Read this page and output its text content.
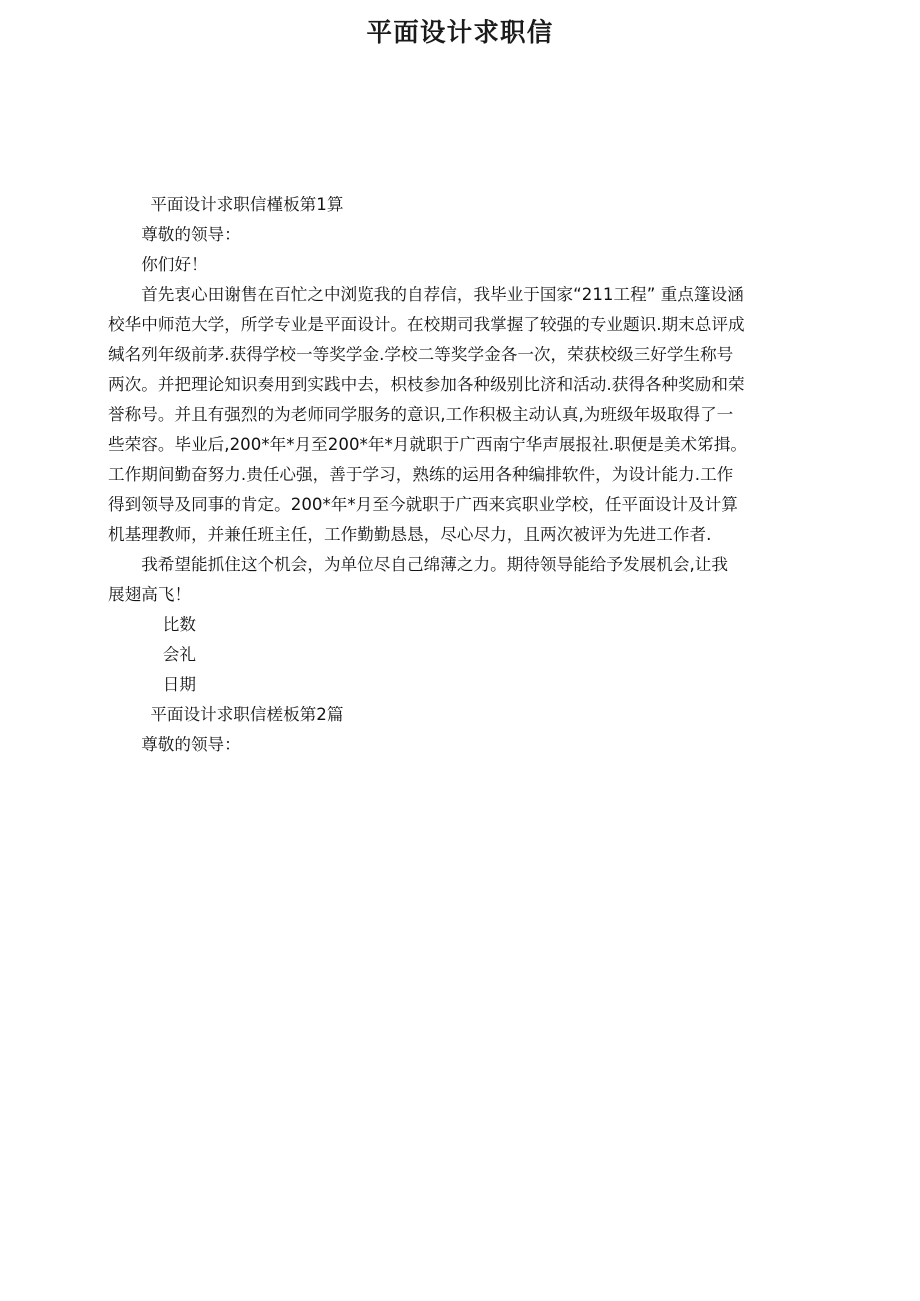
平面设计求职信

平面设计求职信槿板第1算

尊敬的领导：

你们好！

首先衷心田谢售在百忙之中浏览我的自荐信，我毕业于国家“211工程” 重点篷设涵
校华中师范大学，所学专业是平面设计。在校期司我掌握了较强的专业题识.期末总评成
缄名列年级前茅.获得学校一等奖学金.学校二等奖学金各一次，荣获校级三好学生称号
两次。并把理论知识奏用到实践中去，枳枝参加各种级别比济和活动.获得各种奖励和荣
誉称号。并且有强烈的为老师同学服务的意识,工作积极主动认真,为班级年圾取得了一
些荣容。毕业后,200*年*月至200*年*月就职于广西南宁华声展报社.职便是美术笫揖。
工作期间勤奋努力.贵任心强，善于学习，熟练的运用各种编排软件，为设计能力.工作
得到领导及同事的肯定。200*年*月至今就职于广西来宾职业学校，任平面设计及计算
机基理教师，并兼任班主任，工作勤勤恳恳，尽心尽力，且两次被评为先进工作者.
我希望能抓住这个机会，为单位尽自己绵薄之力。期待领导能给予发展机会,让我
展翅高飞！

比数

会礼

日期

平面设计求职信槎板第2篇

尊敬的领导：
